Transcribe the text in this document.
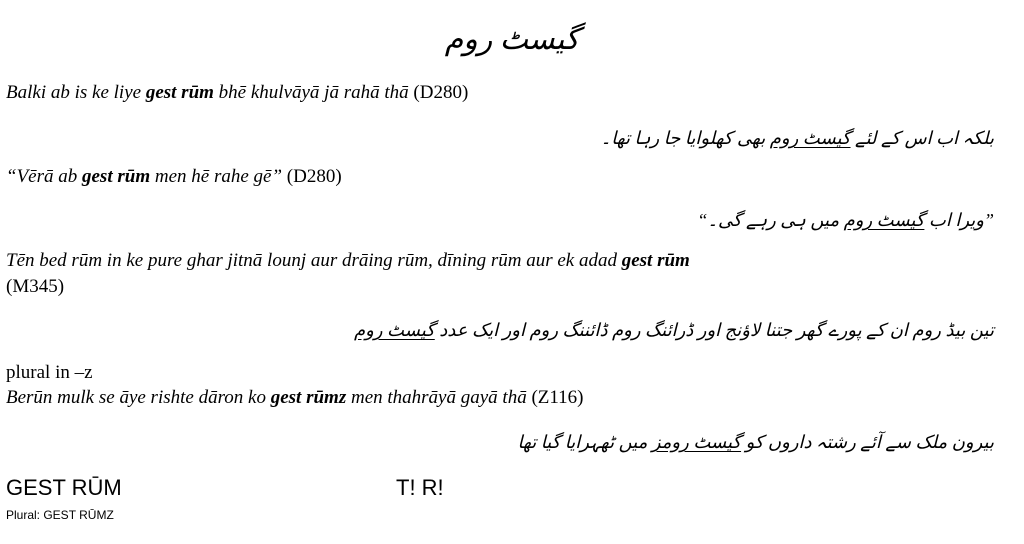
گیسٹ روم
Balki ab is ke liye gest rūm bhē khulvāyā jā rahā thā (D280)
بلکہ اب اس کے لئے گیسٹ روم بھی کھلوایا جا رہا تھا۔
“Vērā ab gest rūm men hē rahe gē” (D280)
”ویرا اب گیسٹ روم میں ہی رہے گی۔“
Tēn bed rūm in ke pure ghar jitnā lounj aur drāing rūm, dīning rūm aur ek adad gest rūm
(M345)
تین بیڈ روم ان کے پورے گھر جتنا لاؤنج اور ڈرائنگ روم ڈائننگ روم اور ایک عدد گیسٹ روم
plural in –z
Berūn mulk se āye rishte dāron ko gest rūmz men thahrāyā gayā thā (Z116)
بیرون ملک سے آئے رشتہ داروں کو گیسٹ رومز میں ٹھہرایا گیا تھا
GEST RŪM	T! R!
Plural: GEST RŪMZ
